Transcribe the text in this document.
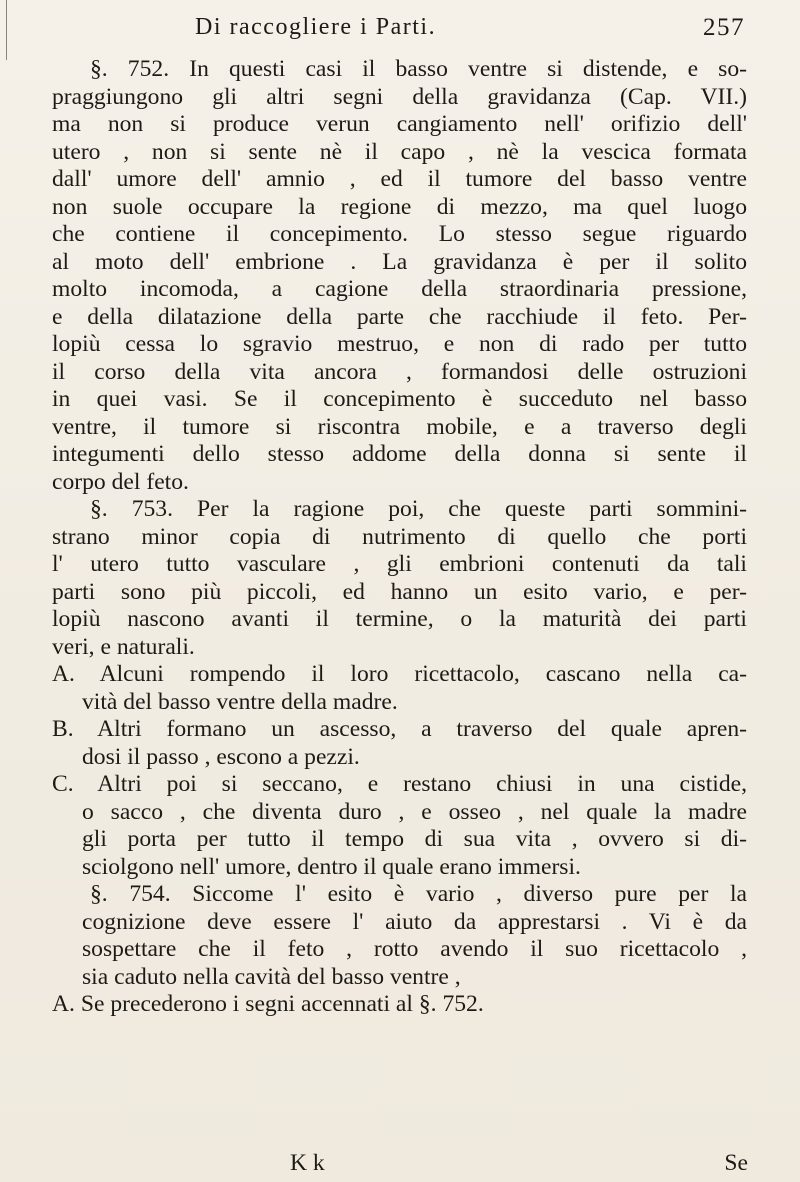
Di raccogliere i Parti.	257
§. 752. In questi casi il basso ventre si distende, e so-
praggiungono gli altri segni della gravidanza (Cap. VII.)
ma non si produce verun cangiamento nell' orifizio dell'
utero , non si sente nè il capo , nè la vescica formata
dall' umore dell' amnio , ed il tumore del basso ventre
non suole occupare la regione di mezzo, ma quel luogo
che contiene il concepimento. Lo stesso segue riguardo
al moto dell' embrione . La gravidanza è per il solito
molto incomoda, a cagione della straordinaria pressione,
e della dilatazione della parte che racchiude il feto. Per-
lopiù cessa lo sgravio mestruo, e non di rado per tutto
il corso della vita ancora , formandosi delle ostruzioni
in quei vasi. Se il concepimento è succeduto nel basso
ventre, il tumore si riscontra mobile, e a traverso degli
integumenti dello stesso addome della donna si sente il
corpo del feto.
§. 753. Per la ragione poi, che queste parti sommini-
strano minor copia di nutrimento di quello che porti
l' utero tutto vasculare , gli embrioni contenuti da tali
parti sono più piccoli, ed hanno un esito vario, e per-
lopiù nascono avanti il termine, o la maturità dei parti
veri, e naturali.
A. Alcuni rompendo il loro ricettacolo, cascano nella ca-
vità del basso ventre della madre.
B. Altri formano un ascesso, a traverso del quale apren-
dosi il passo , escono a pezzi.
C. Altri poi si seccano, e restano chiusi in una cistide,
o sacco , che diventa duro , e osseo , nel quale la madre
gli porta per tutto il tempo di sua vita , ovvero si di-
sciolgono nell' umore, dentro il quale erano immersi.
§. 754. Siccome l' esito è vario , diverso pure per la
cognizione deve essere l' aiuto da apprestarsi . Vi è da
sospettare che il feto , rotto avendo il suo ricettacolo ,
sia caduto nella cavità del basso ventre ,
A. Se precederono i segni accennati al §. 752.
K k	Se
